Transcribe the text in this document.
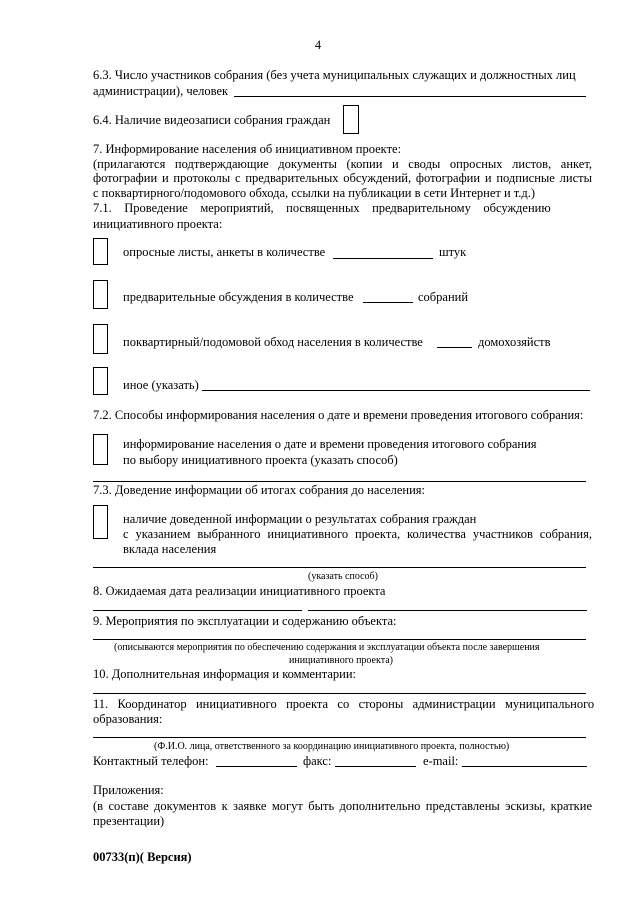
4
6.3. Число участников собрания (без учета муниципальных служащих и должностных лиц
администрации), человек
6.4. Наличие видеозаписи собрания граждан
7. Информирование населения об инициативном проекте:
(прилагаются подтверждающие документы (копии и своды опросных листов, анкет,
фотографии и протоколы с предварительных обсуждений, фотографии и подписные листы
с поквартирного/подомового обхода, ссылки на публикации в сети Интернет и т.д.)
7.1.    Проведение    мероприятий,    посвященных    предварительному    обсуждению
инициативного проекта:
опросные листы, анкеты в количестве	штук
предварительные обсуждения в количестве	собраний
поквартирный/подомовой обход населения в количестве	домохозяйств
иное (указать)
7.2. Способы информирования населения о дате и времени проведения итогового собрания:
информирование населения о дате и времени проведения итогового собрания
по выбору инициативного проекта (указать способ)
7.3. Доведение информации об итогах собрания до населения:
наличие доведенной информации о результатах собрания граждан
с указанием выбранного инициативного проекта, количества участников собрания,
вклада населения
(указать способ)
8. Ожидаемая дата реализации инициативного проекта
9. Мероприятия по эксплуатации и содержанию объекта:
(описываются мероприятия по обеспечению содержания и эксплуатации объекта после завершения
инициативного проекта)
10. Дополнительная информация и комментарии:
11.   Координатор   инициативного   проекта   со   стороны   администрации   муниципального
образования:
(Ф.И.О. лица, ответственного за координацию инициативного проекта, полностью)
Контактный телефон:	факс:	e-mail:
Приложения:
(в составе документов к заявке могут быть дополнительно представлены эскизы, краткие
презентации)
00733(п)( Версия)
